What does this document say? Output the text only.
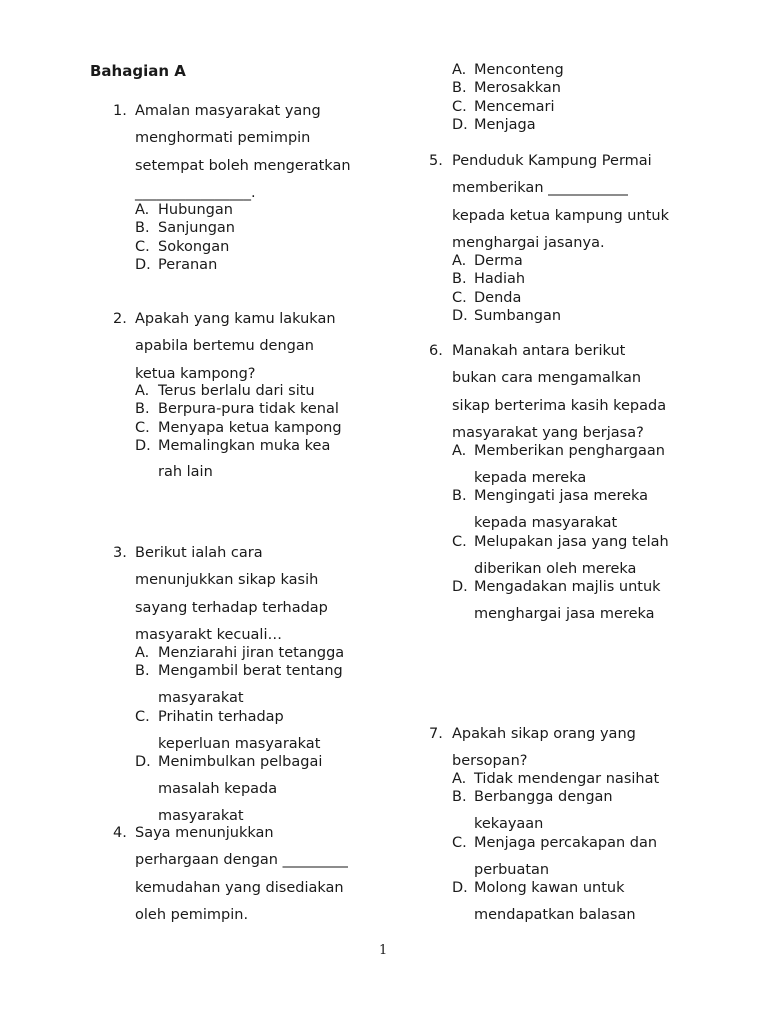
Bahagian A
1. Amalan masyarakat yang
menghormati pemimpin
setempat boleh mengeratkan
________________.
A. Hubungan
B. Sanjungan
C. Sokongan
D. Peranan
2. Apakah yang kamu lakukan
apabila bertemu dengan
ketua kampong?
A. Terus berlalu dari situ
B. Berpura-pura tidak kenal
C. Menyapa ketua kampong
D. Memalingkan muka kea
rah lain
3. Berikut ialah cara
menunjukkan sikap kasih
sayang terhadap terhadap
masyarakt kecuali…
A. Menziarahi jiran tetangga
B. Mengambil berat tentang
masyarakat
C. Prihatin terhadap
keperluan masyarakat
D. Menimbulkan pelbagai
masalah kepada
masyarakat
4. Saya menunjukkan
perhargaan dengan _________
kemudahan yang disediakan
oleh pemimpin.
A. Menconteng
B. Merosakkan
C. Mencemari
D. Menjaga
5. Penduduk Kampung Permai
memberikan ___________
kepada ketua kampung untuk
menghargai jasanya.
A. Derma
B. Hadiah
C. Denda
D. Sumbangan
6. Manakah antara berikut
bukan cara mengamalkan
sikap berterima kasih kepada
masyarakat yang berjasa?
A. Memberikan penghargaan
kepada mereka
B. Mengingati jasa mereka
kepada masyarakat
C. Melupakan jasa yang telah
diberikan oleh mereka
D. Mengadakan majlis untuk
menghargai jasa mereka
7. Apakah sikap orang yang
bersopan?
A. Tidak mendengar nasihat
B. Berbangga dengan
kekayaan
C. Menjaga percakapan dan
perbuatan
D. Molong kawan untuk
mendapatkan balasan
1
